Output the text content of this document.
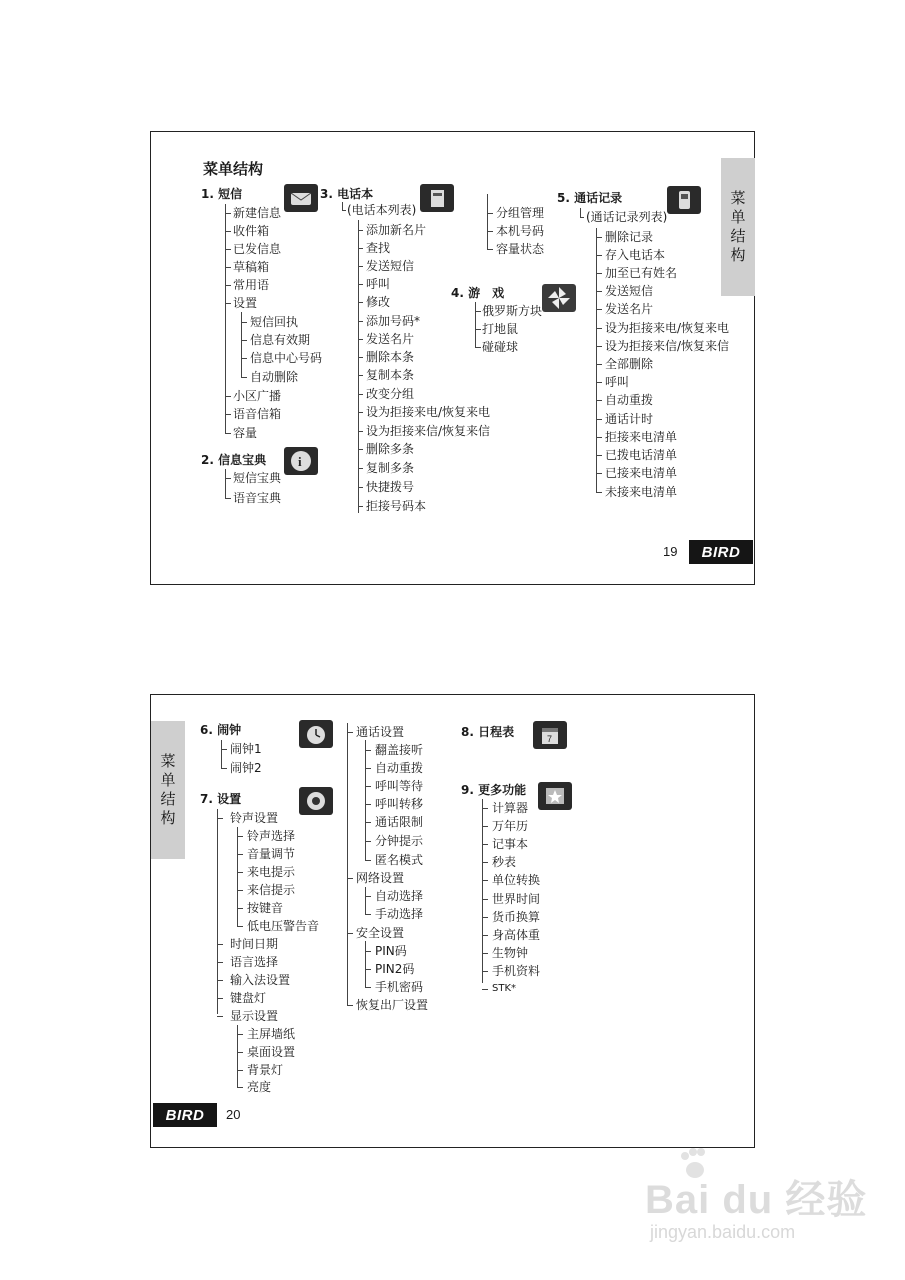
菜单结构
菜
单
结
构
1. 短信
新建信息
收件箱
已发信息
草稿箱
常用语
设置
短信回执
信息有效期
信息中心号码
自动删除
小区广播
语音信箱
容量
2. 信息宝典 i
短信宝典
语音宝典
3. 电话本
(电话本列表)
添加新名片
查找
发送短信
呼叫
修改
添加号码*
发送名片
删除本条
复制本条
改变分组
设为拒接来电/恢复来电
设为拒接来信/恢复来信
删除多条
复制多条
快捷拨号
拒接号码本
分组管理
本机号码
容量状态
4. 游　戏
俄罗斯方块
打地鼠
碰碰球
5. 通话记录
(通话记录列表)
删除记录
存入电话本
加至已有姓名
发送短信
发送名片
设为拒接来电/恢复来电
设为拒接来信/恢复来信
全部删除
呼叫
自动重拨
通话计时
拒接来电清单
已拨电话清单
已接来电清单
未接来电清单
19	BIRD
菜
单
结
构
6. 闹钟
闹钟1
闹钟2
7. 设置
铃声设置
铃声选择
音量调节
来电提示
来信提示
按键音
低电压警告音
时间日期
语言选择
输入法设置
键盘灯
显示设置
主屏墙纸
桌面设置
背景灯
亮度
通话设置
翻盖接听
自动重拨
呼叫等待
呼叫转移
通话限制
分钟提示
匿名模式
网络设置
自动选择
手动选择
安全设置
PIN码
PIN2码
手机密码
恢复出厂设置
8. 日程表	7
9. 更多功能
计算器
万年历
记事本
秒表
单位转换
世界时间
货币换算
身高体重
生物钟
手机资料
STK*
BIRD	20
Bai du 经验
jingyan.baidu.com
